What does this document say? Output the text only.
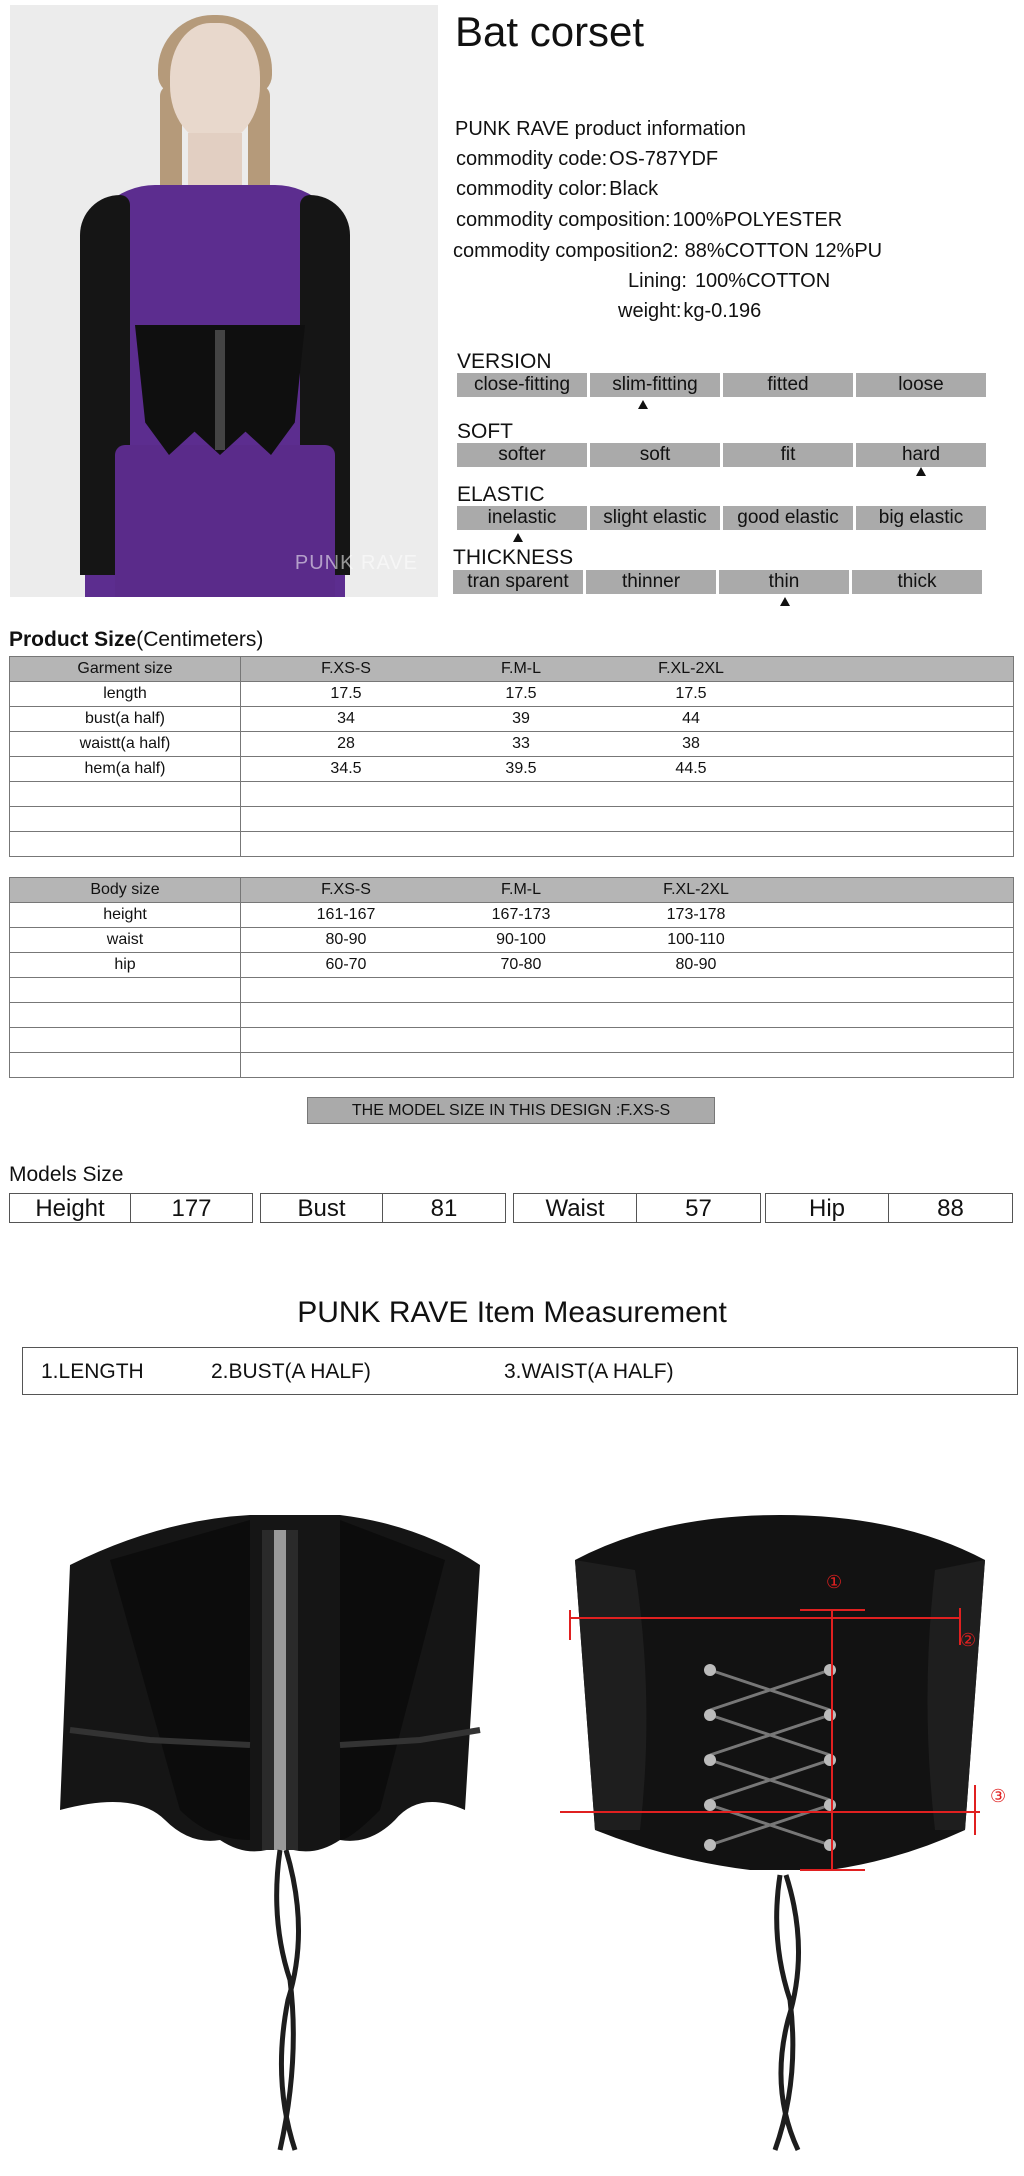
PUNK RAVE
Bat corset
PUNK RAVE product information
commodity code: OS-787YDF
commodity color: Black
commodity composition: 100%POLYESTER
commodity composition2: 88%COTTON 12%PU
Lining: 100%COTTON
weight: kg-0.196
VERSION
close-fitting	slim-fitting	fitted	loose
SOFT
softer	soft	fit	hard
ELASTIC
inelastic	slight elastic	good elastic	big elastic
THICKNESS
tran sparent	thinner	thin	thick
Product Size(Centimeters)
Garment size	F.XS-S F.M-L F.XL-2XL

length	17.5 17.5 17.5

bust(a half)	34 39 44

waistt(a half)	28 33 38

hem(a half)	34.5 39.5 44.5

Body size	F.XS-S F.M-L F.XL-2XL

height	161-167 167-173 173-178

waist	80-90 90-100 100-110

hip	60-70 70-80 80-90

THE MODEL SIZE IN THIS DESIGN :F.XS-S
Models Size
Height	177	Bust	81	Waist	57	Hip	88
PUNK RAVE Item Measurement
1.LENGTH	2.BUST(A HALF)	3.WAIST(A HALF)
①
②
③
